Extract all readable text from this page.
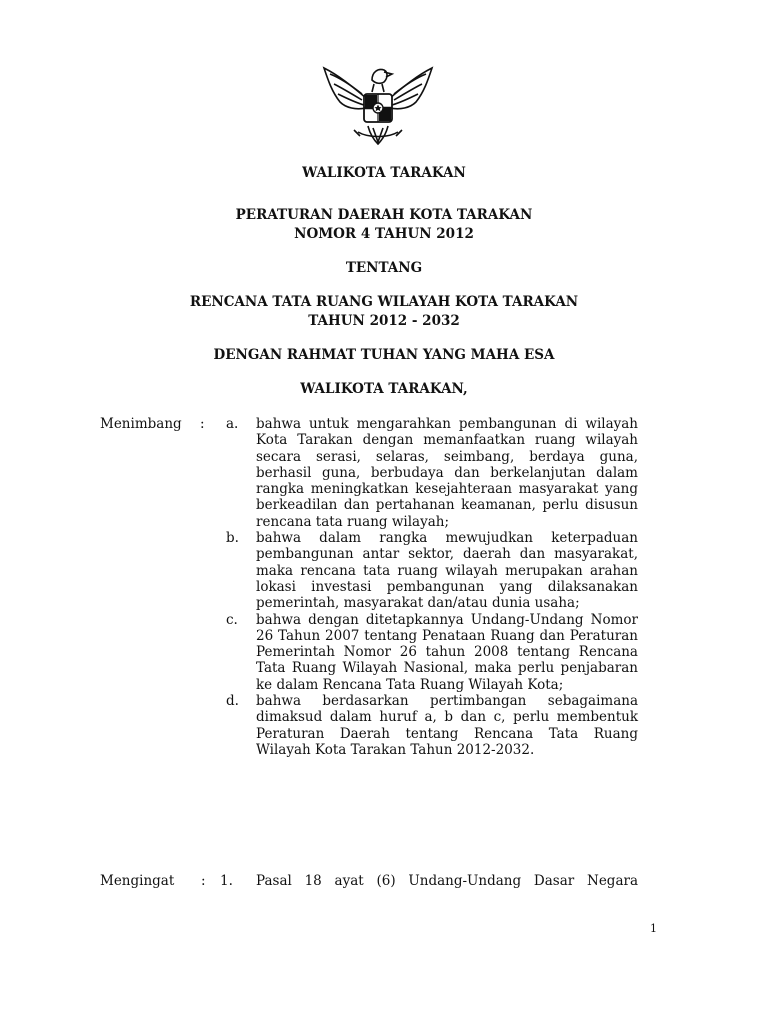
WALIKOTA TARAKAN
PERATURAN DAERAH KOTA TARAKAN
NOMOR 4 TAHUN 2012
TENTANG
RENCANA TATA RUANG WILAYAH KOTA TARAKAN
TAHUN 2012 - 2032
DENGAN RAHMAT TUHAN YANG MAHA ESA
WALIKOTA TARAKAN,
Menimbang : a. bahwa untuk mengarahkan pembangunan di wilayah Kota Tarakan dengan memanfaatkan ruang wilayah secara serasi, selaras, seimbang, berdaya guna, berhasil guna, berbudaya dan berkelanjutan dalam rangka meningkatkan kesejahteraan masyarakat yang berkeadilan dan pertahanan keamanan, perlu disusun rencana tata ruang wilayah;
b. bahwa dalam rangka mewujudkan keterpaduan pembangunan antar sektor, daerah dan masyarakat, maka rencana tata ruang wilayah merupakan arahan lokasi investasi pembangunan yang dilaksanakan pemerintah, masyarakat dan/atau dunia usaha;
c. bahwa dengan ditetapkannya Undang-Undang Nomor 26 Tahun 2007 tentang Penataan Ruang dan Peraturan Pemerintah Nomor 26 tahun 2008 tentang Rencana Tata Ruang Wilayah Nasional, maka perlu penjabaran ke dalam Rencana Tata Ruang Wilayah Kota;
d. bahwa berdasarkan pertimbangan sebagaimana dimaksud dalam huruf a, b dan c, perlu membentuk Peraturan Daerah tentang Rencana Tata Ruang Wilayah Kota Tarakan Tahun 2012-2032.
Mengingat : 1. Pasal 18 ayat (6) Undang-Undang Dasar Negara
1
